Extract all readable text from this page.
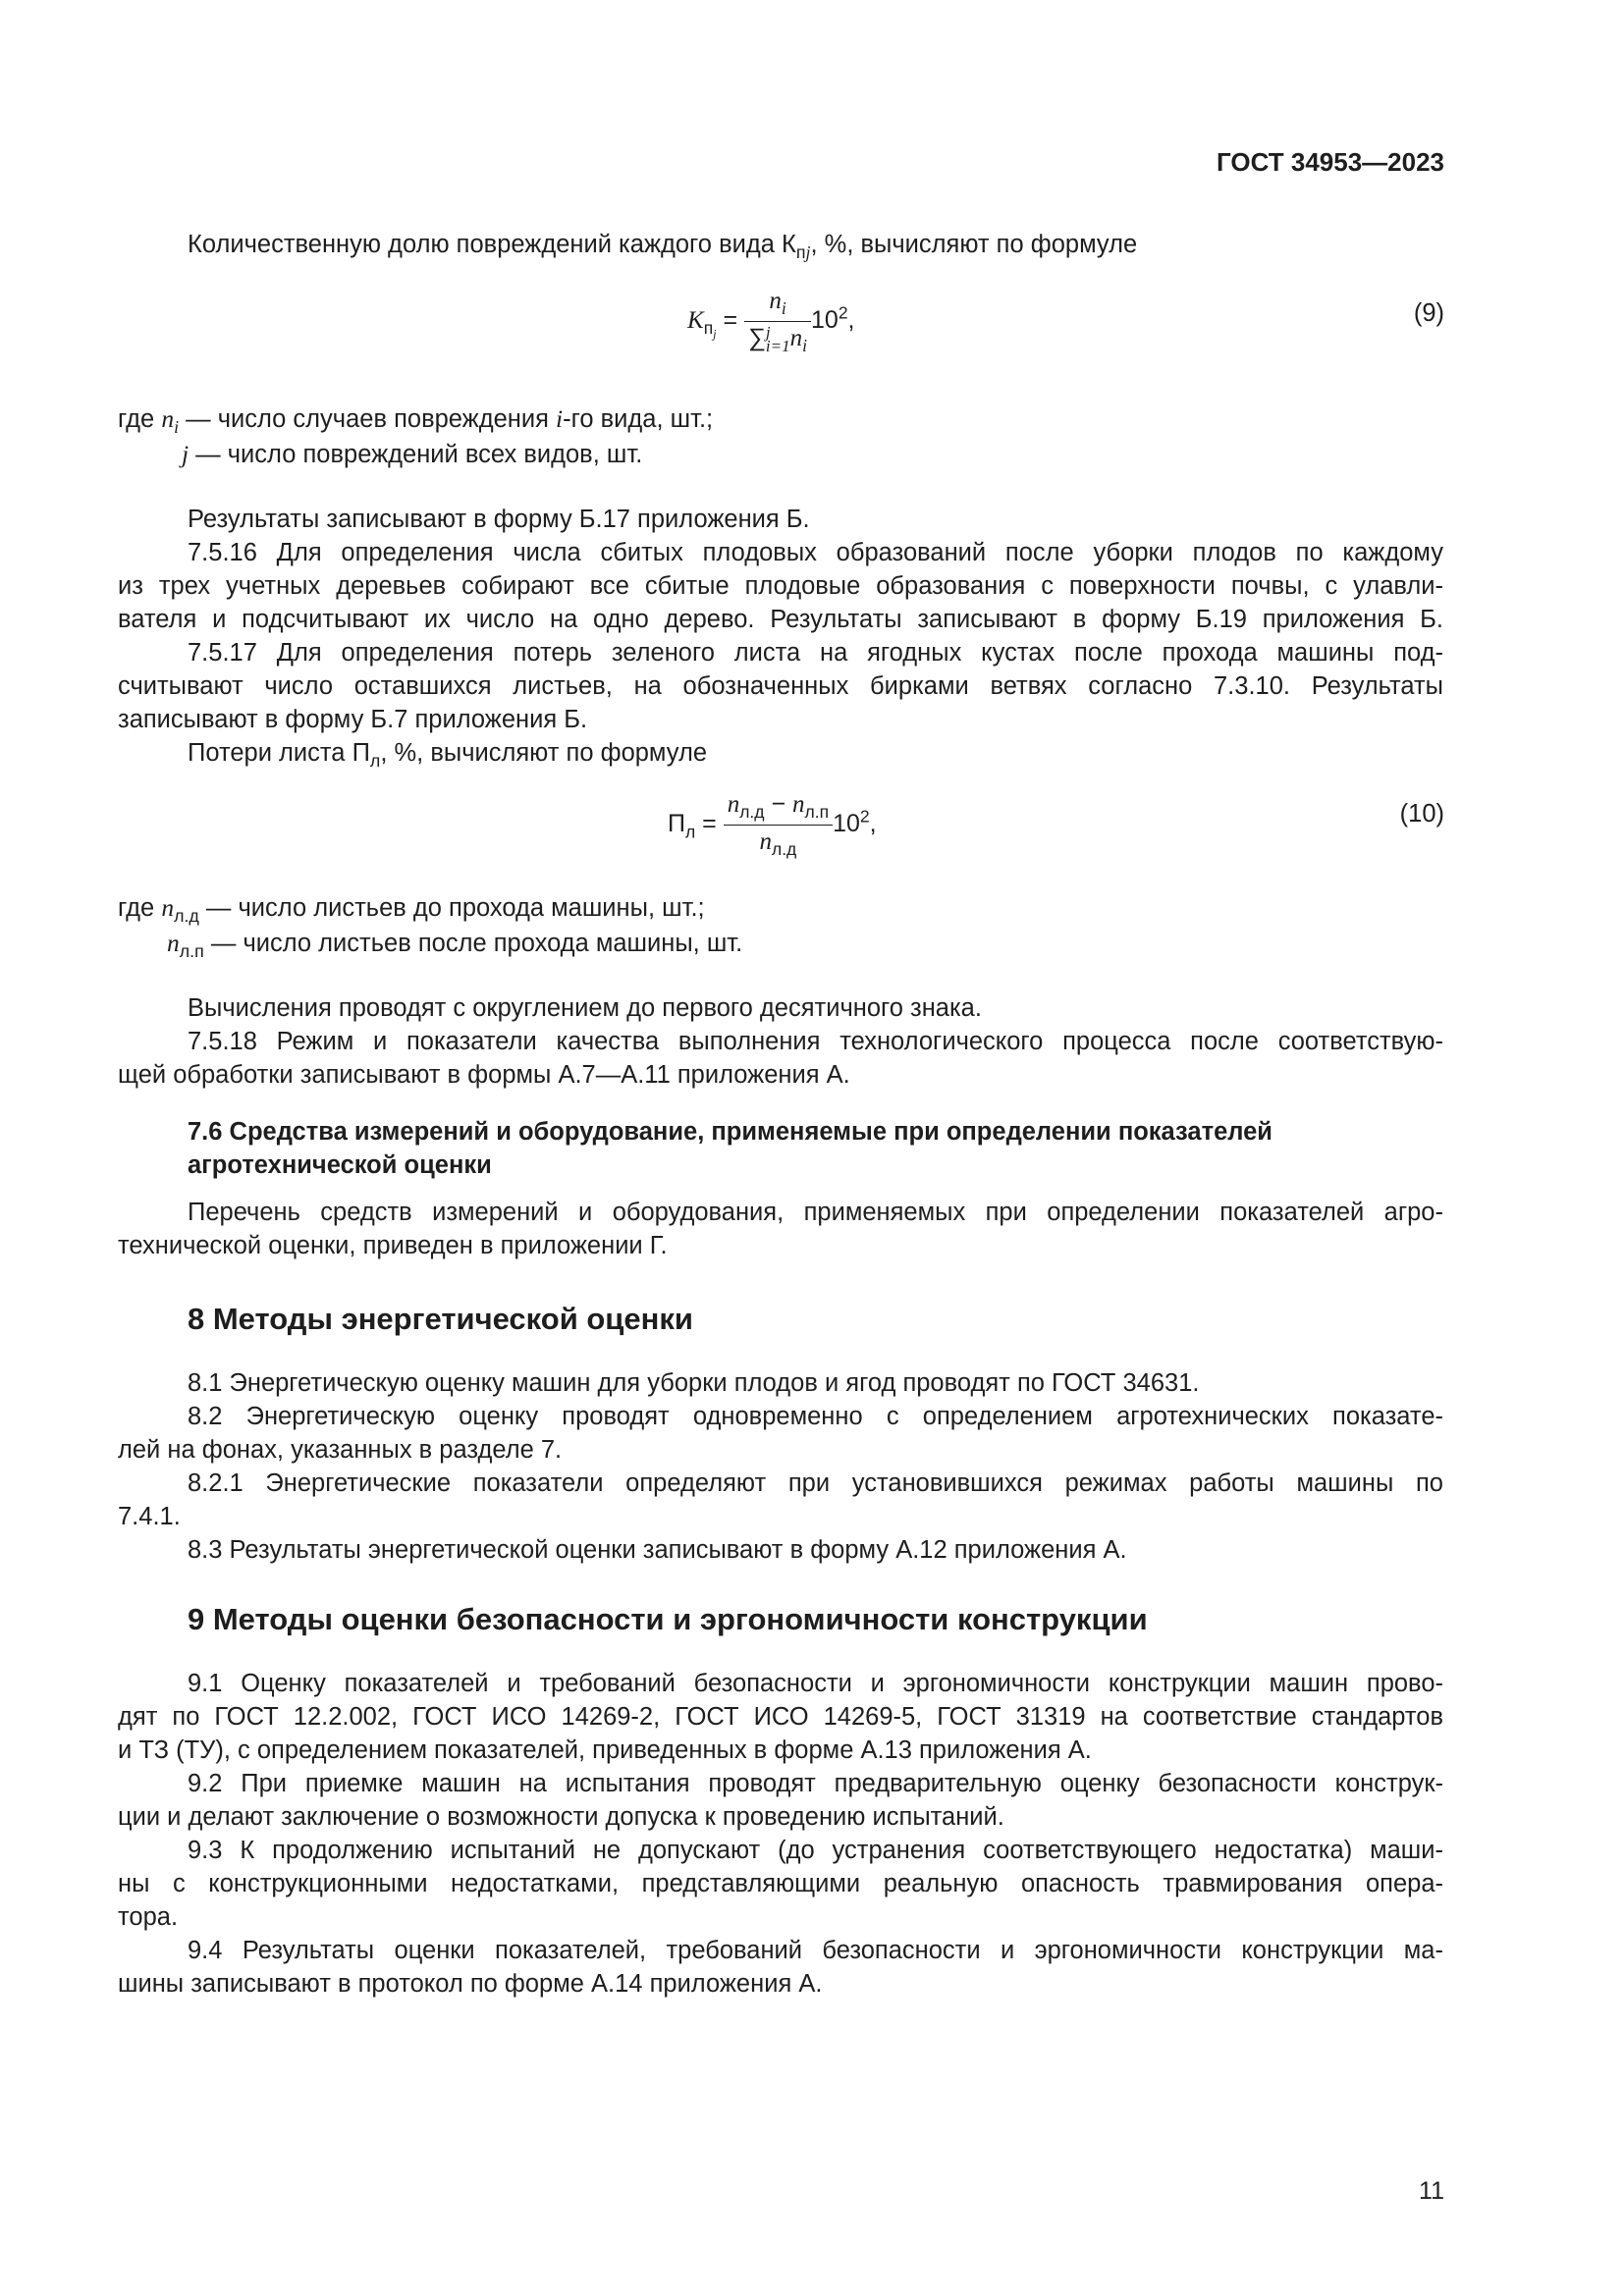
ГОСТ 34953—2023
Количественную долю повреждений каждого вида $К_{пj}$, %, вычисляют по формуле
$K_{п_j} = n_i$
∑ j
i=1 $n_i$ $10^2$,	(9)
где $n_i$ — число случаев повреждения i-го вида, шт.;
j — число повреждений всех видов, шт.
Результаты записывают в форму Б.17 приложения Б.
7.5.16 Для определения числа сбитых плодовых образований после уборки плодов по каждому
из трех учетных деревьев собирают все сбитые плодовые образования с поверхности почвы, с улавли-
вателя и подсчитывают их число на одно дерево. Результаты записывают в форму Б.19 приложения Б.
7.5.17 Для определения потерь зеленого листа на ягодных кустах после прохода машины под-
считывают число оставшихся листьев, на обозначенных бирками ветвях согласно 7.3.10. Результаты
записывают в форму Б.7 приложения Б.
Потери листа $П_л$, %, вычисляют по формуле
$П_л = \frac{n_{л.д} - n_{л.п}}{n_{л.д}} 10^2$,	(10)
где $n_{л.д}$ — число листьев до прохода машины, шт.;
$n_{л.п}$ — число листьев после прохода машины, шт.
Вычисления проводят с округлением до первого десятичного знака.
7.5.18 Режим и показатели качества выполнения технологического процесса после соответствую-
щей обработки записывают в формы А.7—А.11 приложения А.
7.6 Средства измерений и оборудование, применяемые при определении показателей
агротехнической оценки
Перечень средств измерений и оборудования, применяемых при определении показателей агро-
технической оценки, приведен в приложении Г.
8 Методы энергетической оценки
8.1 Энергетическую оценку машин для уборки плодов и ягод проводят по ГОСТ 34631.
8.2 Энергетическую оценку проводят одновременно с определением агротехнических показате-
лей на фонах, указанных в разделе 7.
8.2.1 Энергетические показатели определяют при установившихся режимах работы машины по
7.4.1.
8.3 Результаты энергетической оценки записывают в форму А.12 приложения А.
9 Методы оценки безопасности и эргономичности конструкции
9.1 Оценку показателей и требований безопасности и эргономичности конструкции машин прово-
дят по ГОСТ 12.2.002, ГОСТ ИСО 14269-2, ГОСТ ИСО 14269-5, ГОСТ 31319 на соответствие стандартов
и ТЗ (ТУ), с определением показателей, приведенных в форме А.13 приложения А.
9.2 При приемке машин на испытания проводят предварительную оценку безопасности конструк-
ции и делают заключение о возможности допуска к проведению испытаний.
9.3 К продолжению испытаний не допускают (до устранения соответствующего недостатка) маши-
ны с конструкционными недостатками, представляющими реальную опасность травмирования опера-
тора.
9.4 Результаты оценки показателей, требований безопасности и эргономичности конструкции ма-
шины записывают в протокол по форме А.14 приложения А.
11
